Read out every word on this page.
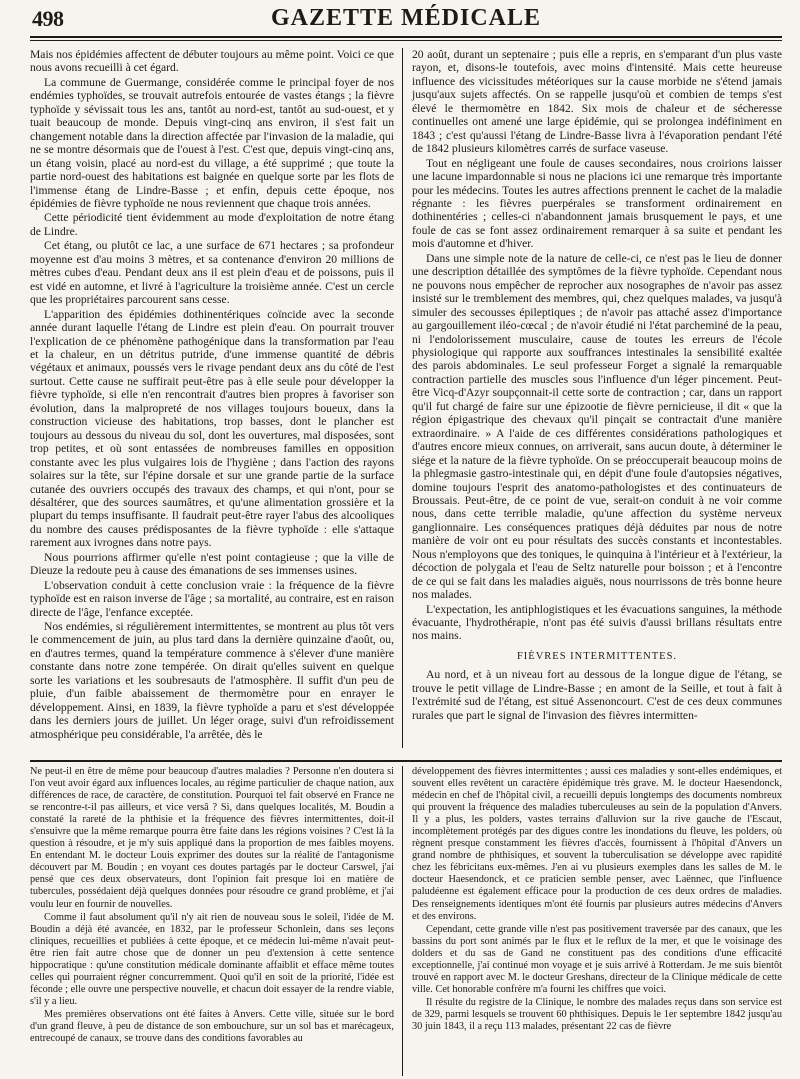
498	GAZETTE MÉDICALE

Mais nos épidémies affectent de débuter toujours au même point. Voici ce que nous avons recueilli à cet égard.

La commune de Guermange, considérée comme le principal foyer de nos endémies typhoïdes, se trouvait autrefois entourée de vastes étangs ; la fièvre typhoïde y sévissait tous les ans, tantôt au nord-est, tantôt au sud-ouest, et y tuait beaucoup de monde. Depuis vingt-cinq ans environ, il s'est fait un changement notable dans la direction affectée par l'invasion de la maladie, qui ne se montre désormais que de l'ouest à l'est. C'est que, depuis vingt-cinq ans, un étang voisin, placé au nord-est du village, a été supprimé ; que toute la partie nord-ouest des habitations est baignée en quelque sorte par les flots de l'immense étang de Lindre-Basse ; et enfin, depuis cette époque, nos épidémies de fièvre typhoïde ne nous reviennent que chaque trois années.

Cette périodicité tient évidemment au mode d'exploitation de notre étang de Lindre.

Cet étang, ou plutôt ce lac, a une surface de 671 hectares ; sa profondeur moyenne est d'au moins 3 mètres, et sa contenance d'environ 20 millions de mètres cubes d'eau. Pendant deux ans il est plein d'eau et de poissons, puis il est vidé en automne, et livré à l'agriculture la troisième année. C'est un cercle que les propriétaires parcourent sans cesse.

L'apparition des épidémies dothinentériques coïncide avec la seconde année durant laquelle l'étang de Lindre est plein d'eau. On pourrait trouver l'explication de ce phénomène pathogénique dans la transformation par l'eau et la chaleur, en un détritus putride, d'une immense quantité de débris végétaux et animaux, poussés vers le rivage pendant deux ans du côté de l'est surtout. Cette cause ne suffirait peut-être pas à elle seule pour développer la fièvre typhoïde, si elle n'en rencontrait d'autres bien propres à favoriser son évolution, dans la malpropreté de nos villages toujours boueux, dans la construction vicieuse des habitations, trop basses, dont le plancher est toujours au dessous du niveau du sol, dont les ouvertures, mal disposées, sont trop petites, et où sont entassées de nombreuses familles en opposition constante avec les plus vulgaires lois de l'hygiène ; dans l'action des rayons solaires sur la tête, sur l'épine dorsale et sur une grande partie de la surface cutanée des ouvriers occupés des travaux des champs, et qui n'ont, pour se désaltérer, que des sources saumâtres, et qu'une alimentation grossière et la plupart du temps insuffisante. Il faudrait peut-être rayer l'abus des alcooliques du nombre des causes prédisposantes de la fièvre typhoïde : elle s'attaque rarement aux ivrognes dans notre pays.

Nous pourrions affirmer qu'elle n'est point contagieuse ; que la ville de Dieuze la redoute peu à cause des émanations de ses immenses usines.

L'observation conduit à cette conclusion vraie : la fréquence de la fièvre typhoïde est en raison inverse de l'âge ; sa mortalité, au contraire, est en raison directe de l'âge, l'enfance exceptée.

Nos endémies, si régulièrement intermittentes, se montrent au plus tôt vers le commencement de juin, au plus tard dans la dernière quinzaine d'août, ou, en d'autres termes, quand la température commence à s'élever d'une manière constante dans notre zone tempérée. On dirait qu'elles suivent en quelque sorte les variations et les soubresauts de l'atmosphère. Il suffit d'un peu de pluie, d'un faible abaissement de thermomètre pour en enrayer le développement. Ainsi, en 1839, la fièvre typhoïde a paru et s'est développée dans les derniers jours de juillet. Un léger orage, suivi d'un refroidissement atmosphérique peu considérable, l'a arrêtée, dès le

20 août, durant un septenaire ; puis elle a repris, en s'emparant d'un plus vaste rayon, et, disons-le toutefois, avec moins d'intensité. Mais cette heureuse influence des vicissitudes météoriques sur la cause morbide ne s'étend jamais jusqu'aux sujets affectés. On se rappelle jusqu'où et combien de temps s'est élevé le thermomètre en 1842. Six mois de chaleur et de sécheresse continuelles ont amené une large épidémie, qui se prolongea indéfiniment en 1843 ; c'est qu'aussi l'étang de Lindre-Basse livra à l'évaporation pendant l'été de 1842 plusieurs kilomètres carrés de surface vaseuse.

Tout en négligeant une foule de causes secondaires, nous croirions laisser une lacune impardonnable si nous ne placions ici une remarque très importante pour les médecins. Toutes les autres affections prennent le cachet de la maladie régnante : les fièvres puerpérales se transforment ordinairement en dothinentéries ; celles-ci n'abandonnent jamais brusquement le pays, et une foule de cas se font assez ordinairement remarquer à sa suite et pendant les mois d'automne et d'hiver.

Dans une simple note de la nature de celle-ci, ce n'est pas le lieu de donner une description détaillée des symptômes de la fièvre typhoïde. Cependant nous ne pouvons nous empêcher de reprocher aux nosographes de n'avoir pas assez insisté sur le tremblement des membres, qui, chez quelques malades, va jusqu'à simuler des secousses épileptiques ; de n'avoir pas attaché assez d'importance au gargouillement iléo-cœcal ; de n'avoir étudié ni l'état parcheminé de la peau, ni l'endolorissement musculaire, cause de toutes les erreurs de l'école physiologique qui rapporte aux souffrances intestinales la sensibilité exaltée des parois abdominales. Le seul professeur Forget a signalé la remarquable contraction partielle des muscles sous l'influence d'un léger pincement. Peut-être Vicq-d'Azyr soupçonnait-il cette sorte de contraction ; car, dans un rapport qu'il fut chargé de faire sur une épizootie de fièvre pernicieuse, il dit « que la région épigastrique des chevaux qu'il pinçait se contractait d'une manière extraordinaire. » A l'aide de ces différentes considérations pathologiques et d'autres encore mieux connues, on arriverait, sans aucun doute, à déterminer le siége et la nature de la fièvre typhoïde. On se préoccuperait beaucoup moins de la phlegmasie gastro-intestinale qui, en dépit d'une foule d'autopsies négatives, domine toujours l'esprit des anatomo-pathologistes et des continuateurs de Broussais. Peut-être, de ce point de vue, serait-on conduit à ne voir comme nous, dans cette terrible maladie, qu'une affection du système nerveux ganglionnaire. Les conséquences pratiques déjà déduites par nous de notre manière de voir ont eu pour résultats des succès constants et incontestables. Nous n'employons que des toniques, le quinquina à l'intérieur et à l'extérieur, la décoction de polygala et l'eau de Seltz naturelle pour boisson ; et à l'encontre de ce qui se fait dans les maladies aiguës, nous nourrissons de très bonne heure nos malades.

L'expectation, les antiphlogistiques et les évacuations sanguines, la méthode évacuante, l'hydrothérapie, n'ont pas été suivis d'aussi brillans résultats entre nos mains.

FIÈVRES INTERMITTENTES.

Au nord, et à un niveau fort au dessous de la longue digue de l'étang, se trouve le petit village de Lindre-Basse ; en amont de la Seille, et tout à fait à l'extrémité sud de l'étang, est situé Assenoncourt. C'est de ces deux communes rurales que part le signal de l'invasion des fièvres intermitten-

Ne peut-il en être de même pour beaucoup d'autres maladies ? Personne n'en doutera si l'on veut avoir égard aux influences locales, au régime particulier de chaque nation, aux différences de race, de caractère, de constitution. Pourquoi tel fait observé en France ne se rencontre-t-il pas ailleurs, et vice versâ ? Si, dans quelques localités, M. Boudin a constaté la rareté de la phthisie et la fréquence des fièvres intermittentes, doit-il s'ensuivre que la même remarque pourra être faite dans les régions voisines ? C'est là la question à résoudre, et je m'y suis appliqué dans la proportion de mes faibles moyens. En entendant M. le docteur Louis exprimer des doutes sur la réalité de l'antagonisme découvert par M. Boudin ; en voyant ces doutes partagés par le docteur Carswel, j'ai pensé que ces deux observateurs, dont l'opinion fait presque loi en matière de tubercules, possédaient déjà quelques données pour résoudre ce grand problème, et j'ai voulu leur en fournir de nouvelles.

Comme il faut absolument qu'il n'y ait rien de nouveau sous le soleil, l'idée de M. Boudin a déjà été avancée, en 1832, par le professeur Schonlein, dans ses leçons cliniques, recueillies et publiées à cette époque, et ce médecin lui-même n'avait peut-être rien fait autre chose que de donner un peu d'extension à cette sentence hippocratique : qu'une constitution médicale dominante affaiblit et efface même toutes celles qui pourraient régner concurremment. Quoi qu'il en soit de la priorité, l'idée est féconde ; elle ouvre une perspective nouvelle, et chacun doit essayer de la rendre viable, s'il y a lieu.

Mes premières observations ont été faites à Anvers. Cette ville, située sur le bord d'un grand fleuve, à peu de distance de son embouchure, sur un sol bas et marécageux, entrecoupé de canaux, se trouve dans des conditions favorables au

développement des fièvres intermittentes ; aussi ces maladies y sont-elles endémiques, et souvent elles revêtent un caractère épidémique très grave. M. le docteur Haesendonck, médecin en chef de l'hôpital civil, a recueilli depuis longtemps des documents nombreux qui prouvent la fréquence des maladies tuberculeuses au sein de la population d'Anvers. Il y a plus, les polders, vastes terrains d'alluvion sur la rive gauche de l'Escaut, incomplètement protégés par des digues contre les inondations du fleuve, les polders, où règnent presque constamment les fièvres d'accès, fournissent à l'hôpital d'Anvers un grand nombre de phthisiques, et souvent la tuberculisation se développe avec rapidité chez les fébricitans eux-mêmes. J'en ai vu plusieurs exemples dans les salles de M. le docteur Haesendonck, et ce praticien semble penser, avec Laënnec, que l'influence paludéenne est également efficace pour la production de ces deux ordres de maladies. Des renseignements identiques m'ont été fournis par plusieurs autres médecins d'Anvers et des environs.

Cependant, cette grande ville n'est pas positivement traversée par des canaux, que les bassins du port sont animés par le flux et le reflux de la mer, et que le voisinage des dolders et du sas de Gand ne constituent pas des conditions d'une efficacité exceptionnelle, j'ai continué mon voyage et je suis arrivé à Rotterdam. Je me suis bientôt trouvé en rapport avec M. le docteur Greshans, directeur de la Clinique médicale de cette ville. Cet honorable confrère m'a fourni les chiffres que voici.

Il résulte du registre de la Clinique, le nombre des malades reçus dans son service est de 329, parmi lesquels se trouvent 60 phthisiques. Depuis le 1er septembre 1842 jusqu'au 30 juin 1843, il a reçu 113 malades, présentant 22 cas de fièvre
